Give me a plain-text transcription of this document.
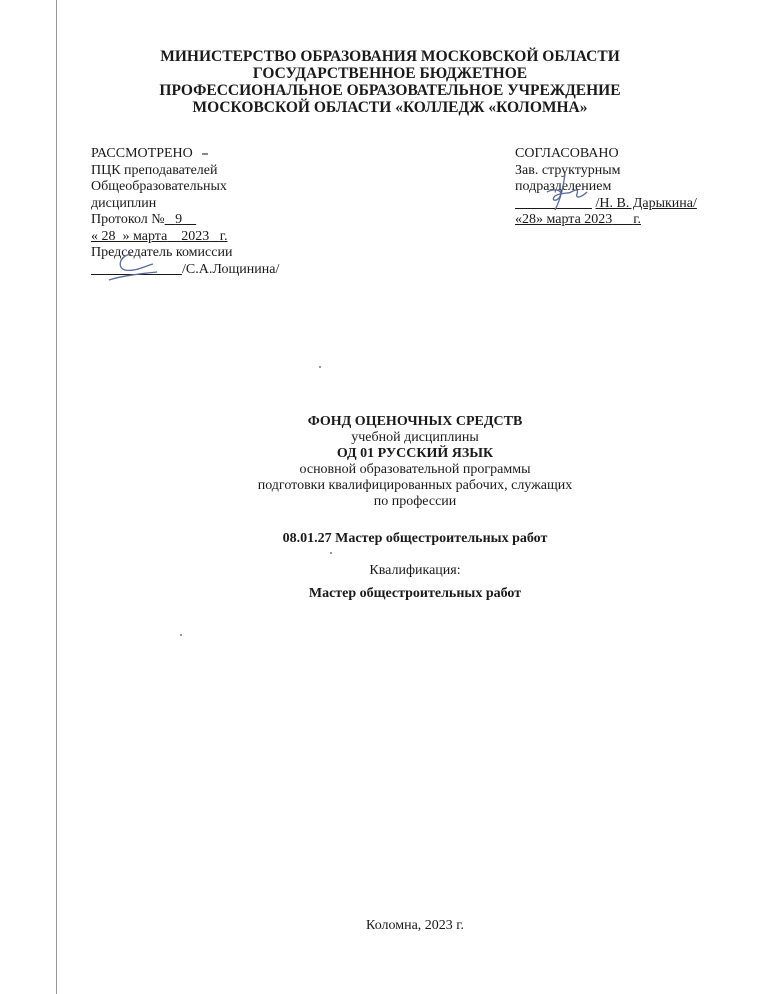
МИНИСТЕРСТВО ОБРАЗОВАНИЯ МОСКОВСКОЙ ОБЛАСТИ
ГОСУДАРСТВЕННОЕ БЮДЖЕТНОЕ
ПРОФЕССИОНАЛЬНОЕ ОБРАЗОВАТЕЛЬНОЕ УЧРЕЖДЕНИЕ
МОСКОВСКОЙ ОБЛАСТИ «КОЛЛЕДЖ «КОЛОМНА»
РАССМОТРЕНО
ПЦК преподавателей
Общеобразовательных
дисциплин
Протокол № 9
« 28  » марта 2023 г.
Председатель комиссии

/С.А.Лощинина/
СОГЛАСОВАНО
Зав. структурным
подразделением

/Н. В. Дарыкина/
«28» марта 2023 г.
ФОНД ОЦЕНОЧНЫХ СРЕДСТВ
учебной дисциплины
ОД 01 РУССКИЙ ЯЗЫК
основной образовательной программы
подготовки квалифицированных рабочих, служащих
по профессии
08.01.27 Мастер общестроительных работ
Квалификация:
Мастер общестроительных работ
Коломна, 2023 г.
